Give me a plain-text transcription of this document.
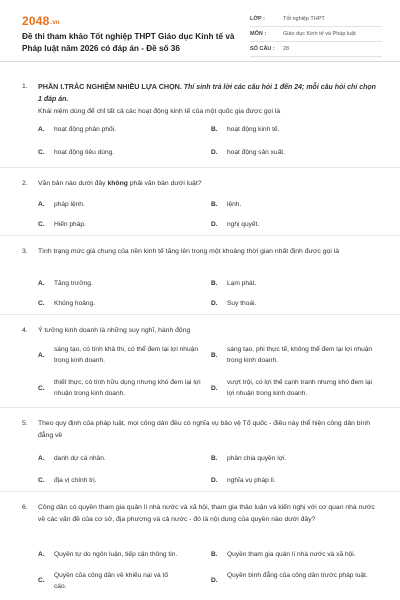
2048.vn
Đề thi tham khảo Tốt nghiệp THPT Giáo dục Kinh tế và Pháp luật năm 2026 có đáp án - Đề số 36
LỚP :	Tốt nghiệp THPT
MÔN :	Giáo dục Kinh tế và Pháp luật
SỐ CÂU :	28
1. PHẦN I.TRẮC NGHIỆM NHIỀU LỰA CHỌN. Thí sinh trả lời các câu hỏi 1 đến 24; mỗi câu hỏi chỉ chọn 1 đáp án.
Khái niệm dùng để chỉ tất cả các hoạt động kinh tế của một quốc gia được gọi là
A. hoạt động phân phối.	B. hoạt động kinh tế.
C. hoạt động tiêu dùng.	D. hoạt động sản xuất.
2. Văn bản nào dưới đây không phải văn bản dưới luật?
A. pháp lệnh.	B. lệnh.
C. Hiến pháp.	D. nghị quyết.
3. Tình trạng mức giá chung của nền kinh tế tăng lên trong một khoảng thời gian nhất định được gọi là
A. Tăng trưởng.	B. Lạm phát.
C. Khủng hoảng.	D. Suy thoái.
4. Ý tưởng kinh doanh là những suy nghĩ, hành động
A.
sáng tạo, có tính khả thi, có thể đem lại lợi nhuận trong kinh doanh.
B.
sáng tạo, phi thực tế, không thể đem lại lợi nhuận trong kinh doanh.
C.
thiết thực, có tính hữu dụng nhưng khó đem lại lợi nhuận trong kinh doanh.
D.
vượt trội, có lợi thế cạnh tranh nhưng khó đem lại lợi nhuận trong kinh doanh.
5. Theo quy định của pháp luật, mọi công dân đều có nghĩa vụ bảo vệ Tổ quốc - điều này thể hiện công dân bình đẳng về
A. danh dự cá nhân.	B. phân chia quyền lợi.
C. địa vị chính trị.	D. nghĩa vụ pháp lí.
6. Công dân có quyền tham gia quản lí nhà nước và xã hội, tham gia thảo luận và kiến nghị với cơ quan nhà nước về các vấn đề của cơ sở, địa phương và cả nước - đó là nội dung của quyền nào dưới đây?
A. Quyền tự do ngôn luận, tiếp cận thông tin.	B. Quyền tham gia quản lí nhà nước và xã hội.
C.
Quyền của công dân về khiếu nại và tố cáo.
D.
Quyền bình đẳng của công dân trước pháp luật.
